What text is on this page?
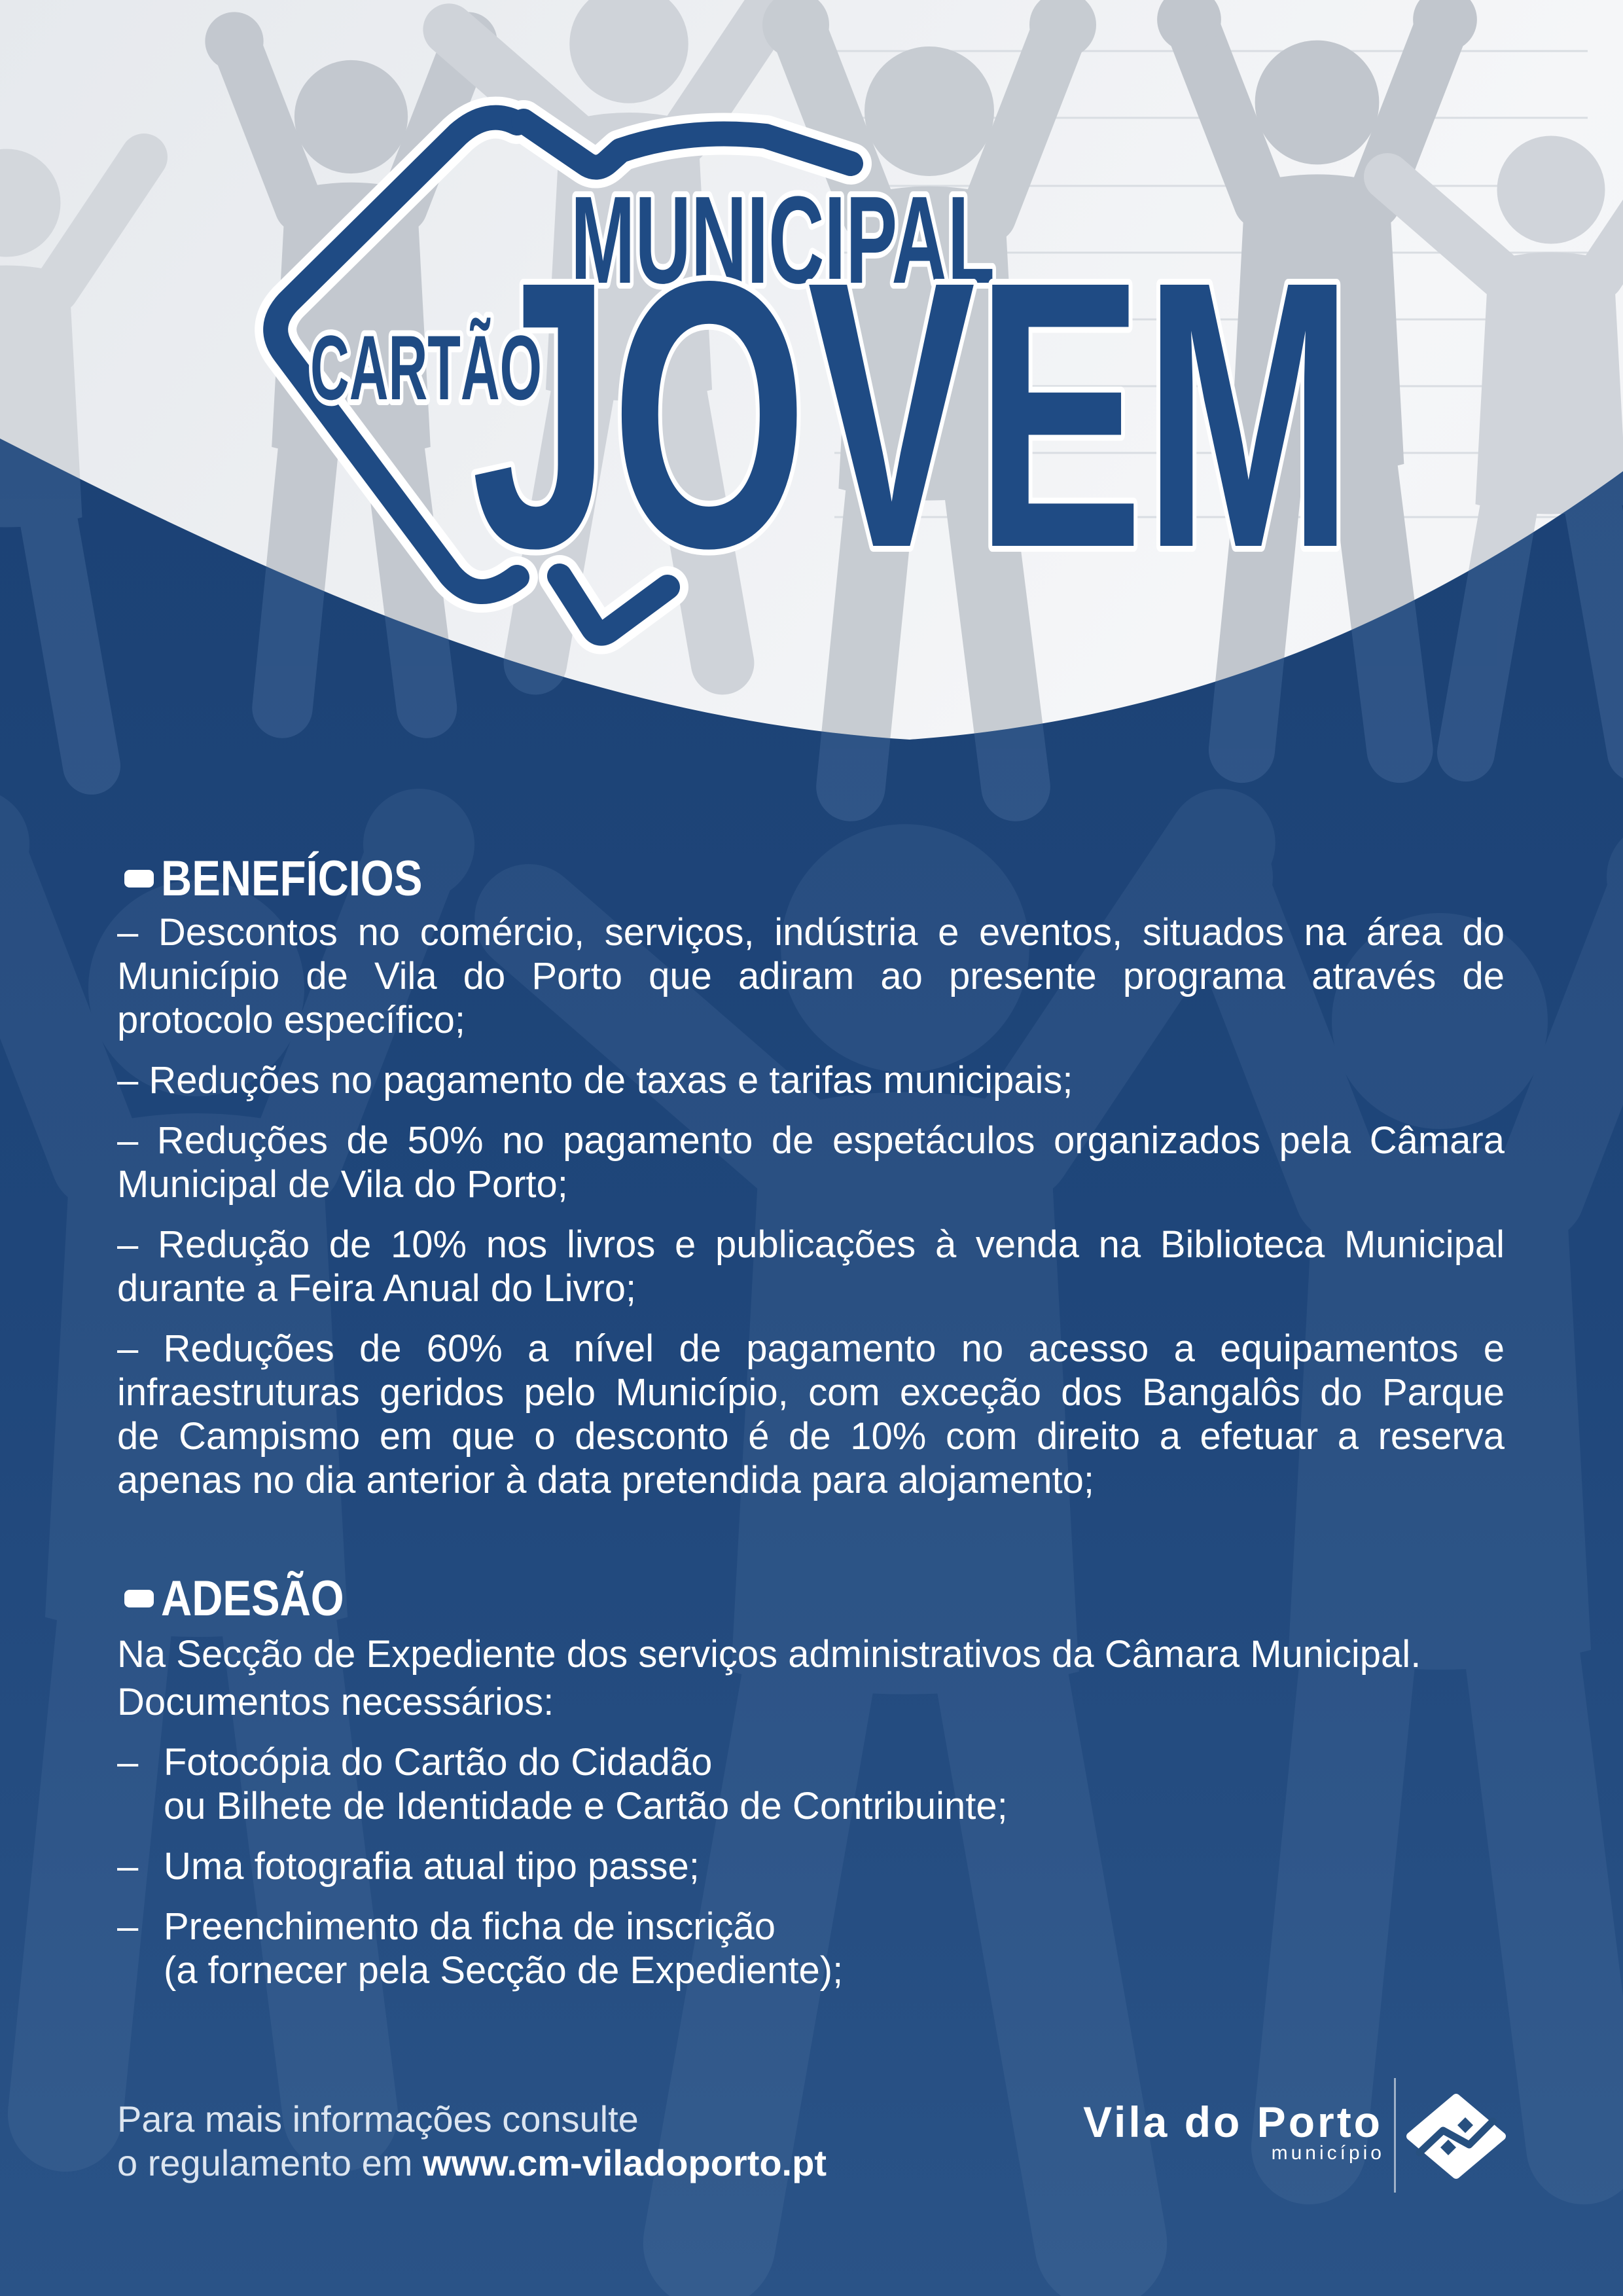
MUNICIPAL
CARTÃO
JOVEM
BENEFÍCIOS
– Descontos no comércio, serviços, indústria e eventos, situados na área do
Município de Vila do Porto que adiram ao presente programa através de
protocolo específico;
– Reduções no pagamento de taxas e tarifas municipais;
– Reduções de 50% no pagamento de espetáculos organizados pela Câmara
Municipal de Vila do Porto;
– Redução de 10% nos livros e publicações à venda na Biblioteca Municipal
durante a Feira Anual do Livro;
– Reduções de 60% a nível de pagamento no acesso a equipamentos e
infraestruturas geridos pelo Município, com exceção dos Bangalôs do Parque
de Campismo em que o desconto é de 10% com direito a efetuar a reserva
apenas no dia anterior à data pretendida para alojamento;
ADESÃO
Na Secção de Expediente dos serviços administrativos da Câmara Municipal.
Documentos necessários:
– Fotocópia do Cartão do Cidadão
ou Bilhete de Identidade e Cartão de Contribuinte;
– Uma fotografia atual tipo passe;
– Preenchimento da ficha de inscrição
(a fornecer pela Secção de Expediente);
Para mais informações consulte
o regulamento em www.cm-viladoporto.pt
Vila do Porto
município
